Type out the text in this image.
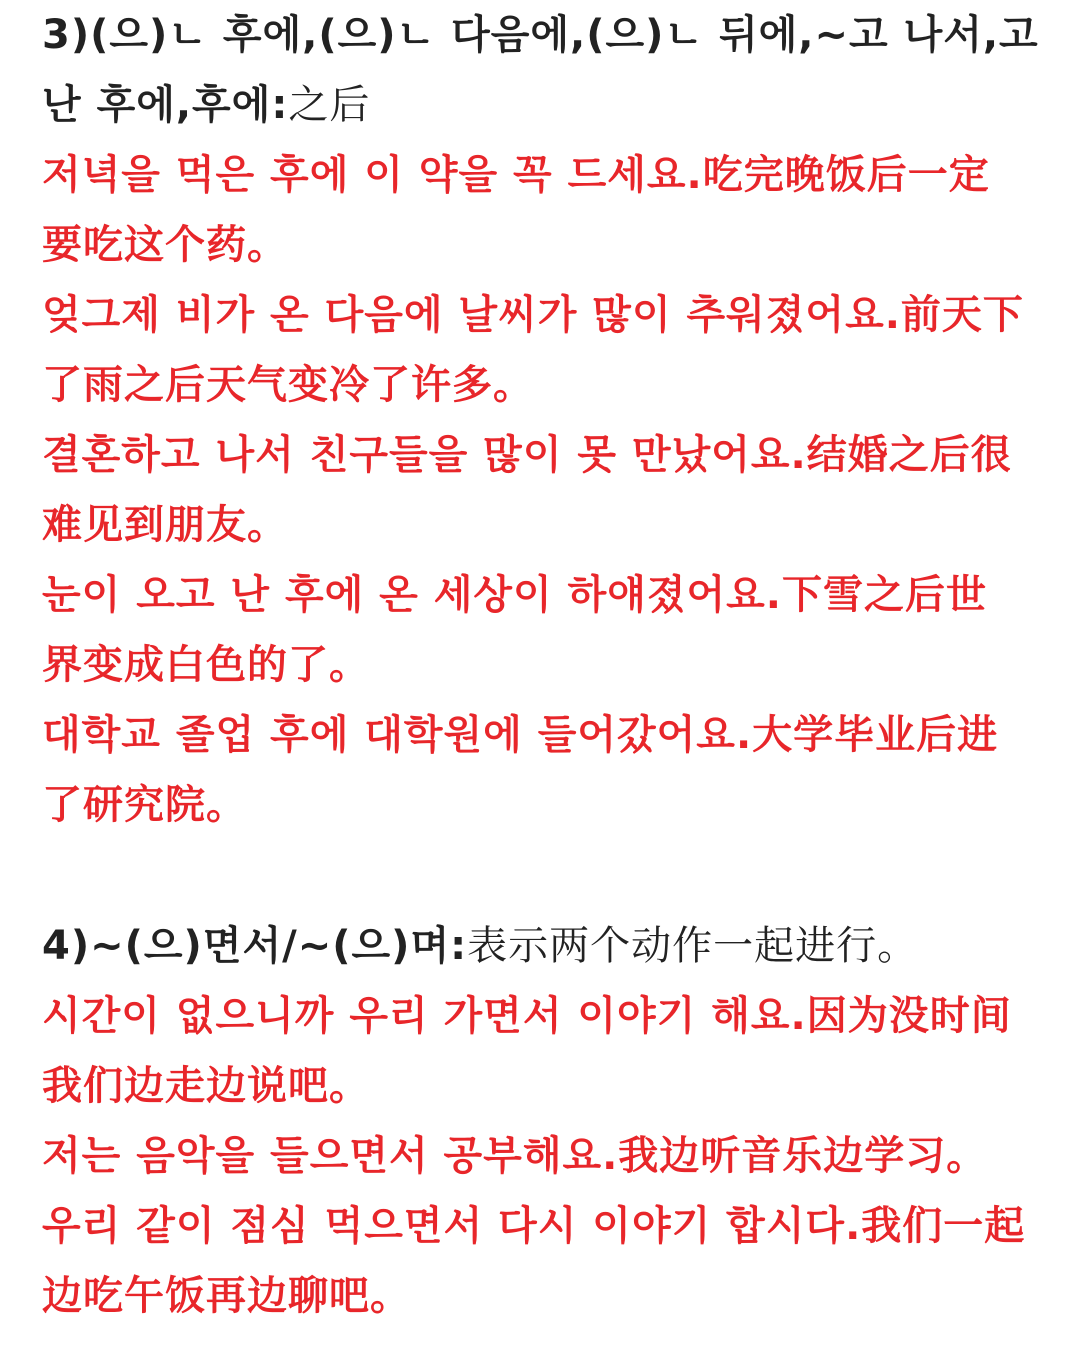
3)(으)ㄴ 후에,(으)ㄴ 다음에,(으)ㄴ 뒤에,~고 나서,고
난 후에,후에:之后
저녁을 먹은 후에 이 약을 꼭 드세요.吃完晚饭后一定
要吃这个药。
엊그제 비가 온 다음에 날씨가 많이 추워졌어요.前天下
了雨之后天气变冷了许多。
결혼하고 나서 친구들을 많이 못 만났어요.结婚之后很
难见到朋友。
눈이 오고 난 후에 온 세상이 하얘졌어요.下雪之后世
界变成白色的了。
대학교 졸업 후에 대학원에 들어갔어요.大学毕业后进
了研究院。
4)~(으)면서/~(으)며:表示两个动作一起进行。
시간이 없으니까 우리 가면서 이야기 해요.因为没时间
我们边走边说吧。
저는 음악을 들으면서 공부해요.我边听音乐边学习。
우리 같이 점심 먹으면서 다시 이야기 합시다.我们一起
边吃午饭再边聊吧。
